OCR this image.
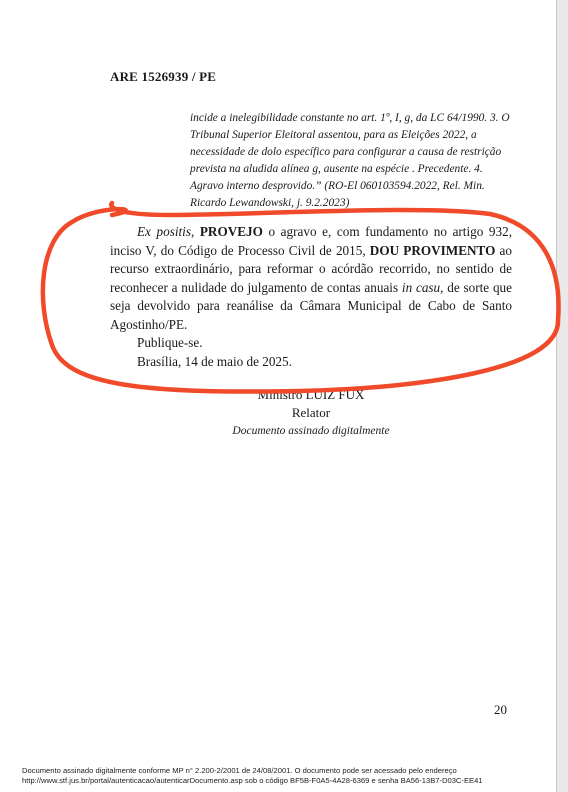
ARE 1526939 / PE
incide a inelegibilidade constante no art. 1º, I, g, da LC 64/1990. 3. O
Tribunal Superior Eleitoral assentou, para as Eleições 2022, a
necessidade de dolo específico para configurar a causa de restrição
prevista na aludida alínea g, ausente na espécie . Precedente. 4.
Agravo interno desprovido.” (RO-El 060103594.2022, Rel. Min.
Ricardo Lewandowski, j. 9.2.2023)

Ex positis, PROVEJO o agravo e, com fundamento no artigo 932, inciso V, do Código de Processo Civil de 2015, DOU PROVIMENTO ao recurso extraordinário, para reformar o acórdão recorrido, no sentido de reconhecer a nulidade do julgamento de contas anuais in casu, de sorte que seja devolvido para reanálise da Câmara Municipal de Cabo de Santo Agostinho/PE.

Publique-se.

Brasília, 14 de maio de 2025.

Ministro LUIZ FUX
Relator
Documento assinado digitalmente
20
Documento assinado digitalmente conforme MP n° 2.200-2/2001 de 24/08/2001. O documento pode ser acessado pelo endereço
http://www.stf.jus.br/portal/autenticacao/autenticarDocumento.asp sob o código BF5B-F0A5-4A28-6369 e senha BA56-13B7-D03C-EE41
